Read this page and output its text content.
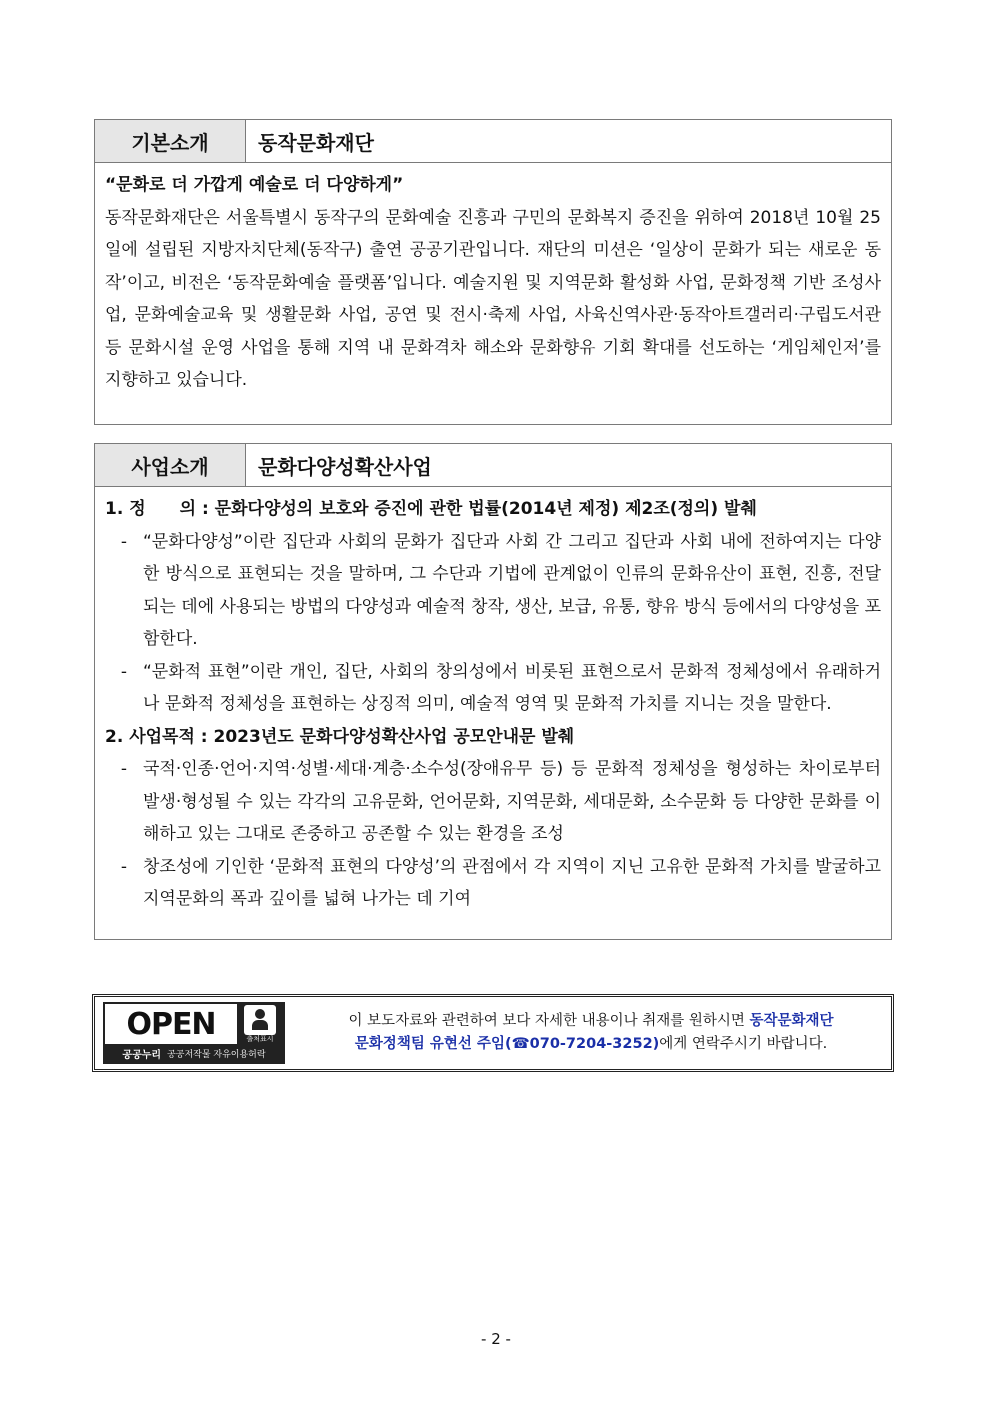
기본소개	동작문화재단
“문화로 더 가깝게 예술로 더 다양하게”
동작문화재단은 서울특별시 동작구의 문화예술 진흥과 구민의 문화복지 증진을 위하여 2018년 10월 25일에 설립된 지방자치단체(동작구) 출연 공공기관입니다. 재단의 미션은 ‘일상이 문화가 되는 새로운 동작’이고, 비전은 ‘동작문화예술 플랫폼’입니다. 예술지원 및 지역문화 활성화 사업, 문화정책 기반 조성사업, 문화예술교육 및 생활문화 사업, 공연 및 전시·축제 사업, 사육신역사관·동작아트갤러리·구립도서관 등 문화시설 운영 사업을 통해 지역 내 문화격차 해소와 문화향유 기회 확대를 선도하는 ‘게임체인저’를 지향하고 있습니다.
사업소개	문화다양성확산사업
1. 정　　의 : 문화다양성의 보호와 증진에 관한 법률(2014년 제정) 제2조(정의) 발췌
- “문화다양성”이란 집단과 사회의 문화가 집단과 사회 간 그리고 집단과 사회 내에 전하여지는 다양한 방식으로 표현되는 것을 말하며, 그 수단과 기법에 관계없이 인류의 문화유산이 표현, 진흥, 전달되는 데에 사용되는 방법의 다양성과 예술적 창작, 생산, 보급, 유통, 향유 방식 등에서의 다양성을 포함한다.
- “문화적 표현”이란 개인, 집단, 사회의 창의성에서 비롯된 표현으로서 문화적 정체성에서 유래하거나 문화적 정체성을 표현하는 상징적 의미, 예술적 영역 및 문화적 가치를 지니는 것을 말한다.
2. 사업목적 : 2023년도 문화다양성확산사업 공모안내문 발췌
- 국적·인종·언어·지역·성별·세대·계층·소수성(장애유무 등) 등 문화적 정체성을 형성하는 차이로부터 발생·형성될 수 있는 각각의 고유문화, 언어문화, 지역문화, 세대문화, 소수문화 등 다양한 문화를 이해하고 있는 그대로 존중하고 공존할 수 있는 환경을 조성
- 창조성에 기인한 ‘문화적 표현의 다양성’의 관점에서 각 지역이 지닌 고유한 문화적 가치를 발굴하고 지역문화의 폭과 깊이를 넓혀 나가는 데 기여
OPEN	출처표시
공공누리 공공저작물 자유이용허락
이 보도자료와 관련하여 보다 자세한 내용이나 취재를 원하시면 동작문화재단
문화정책팀 유현선 주임(☎070-7204-3252)에게 연락주시기 바랍니다.
- 2 -
